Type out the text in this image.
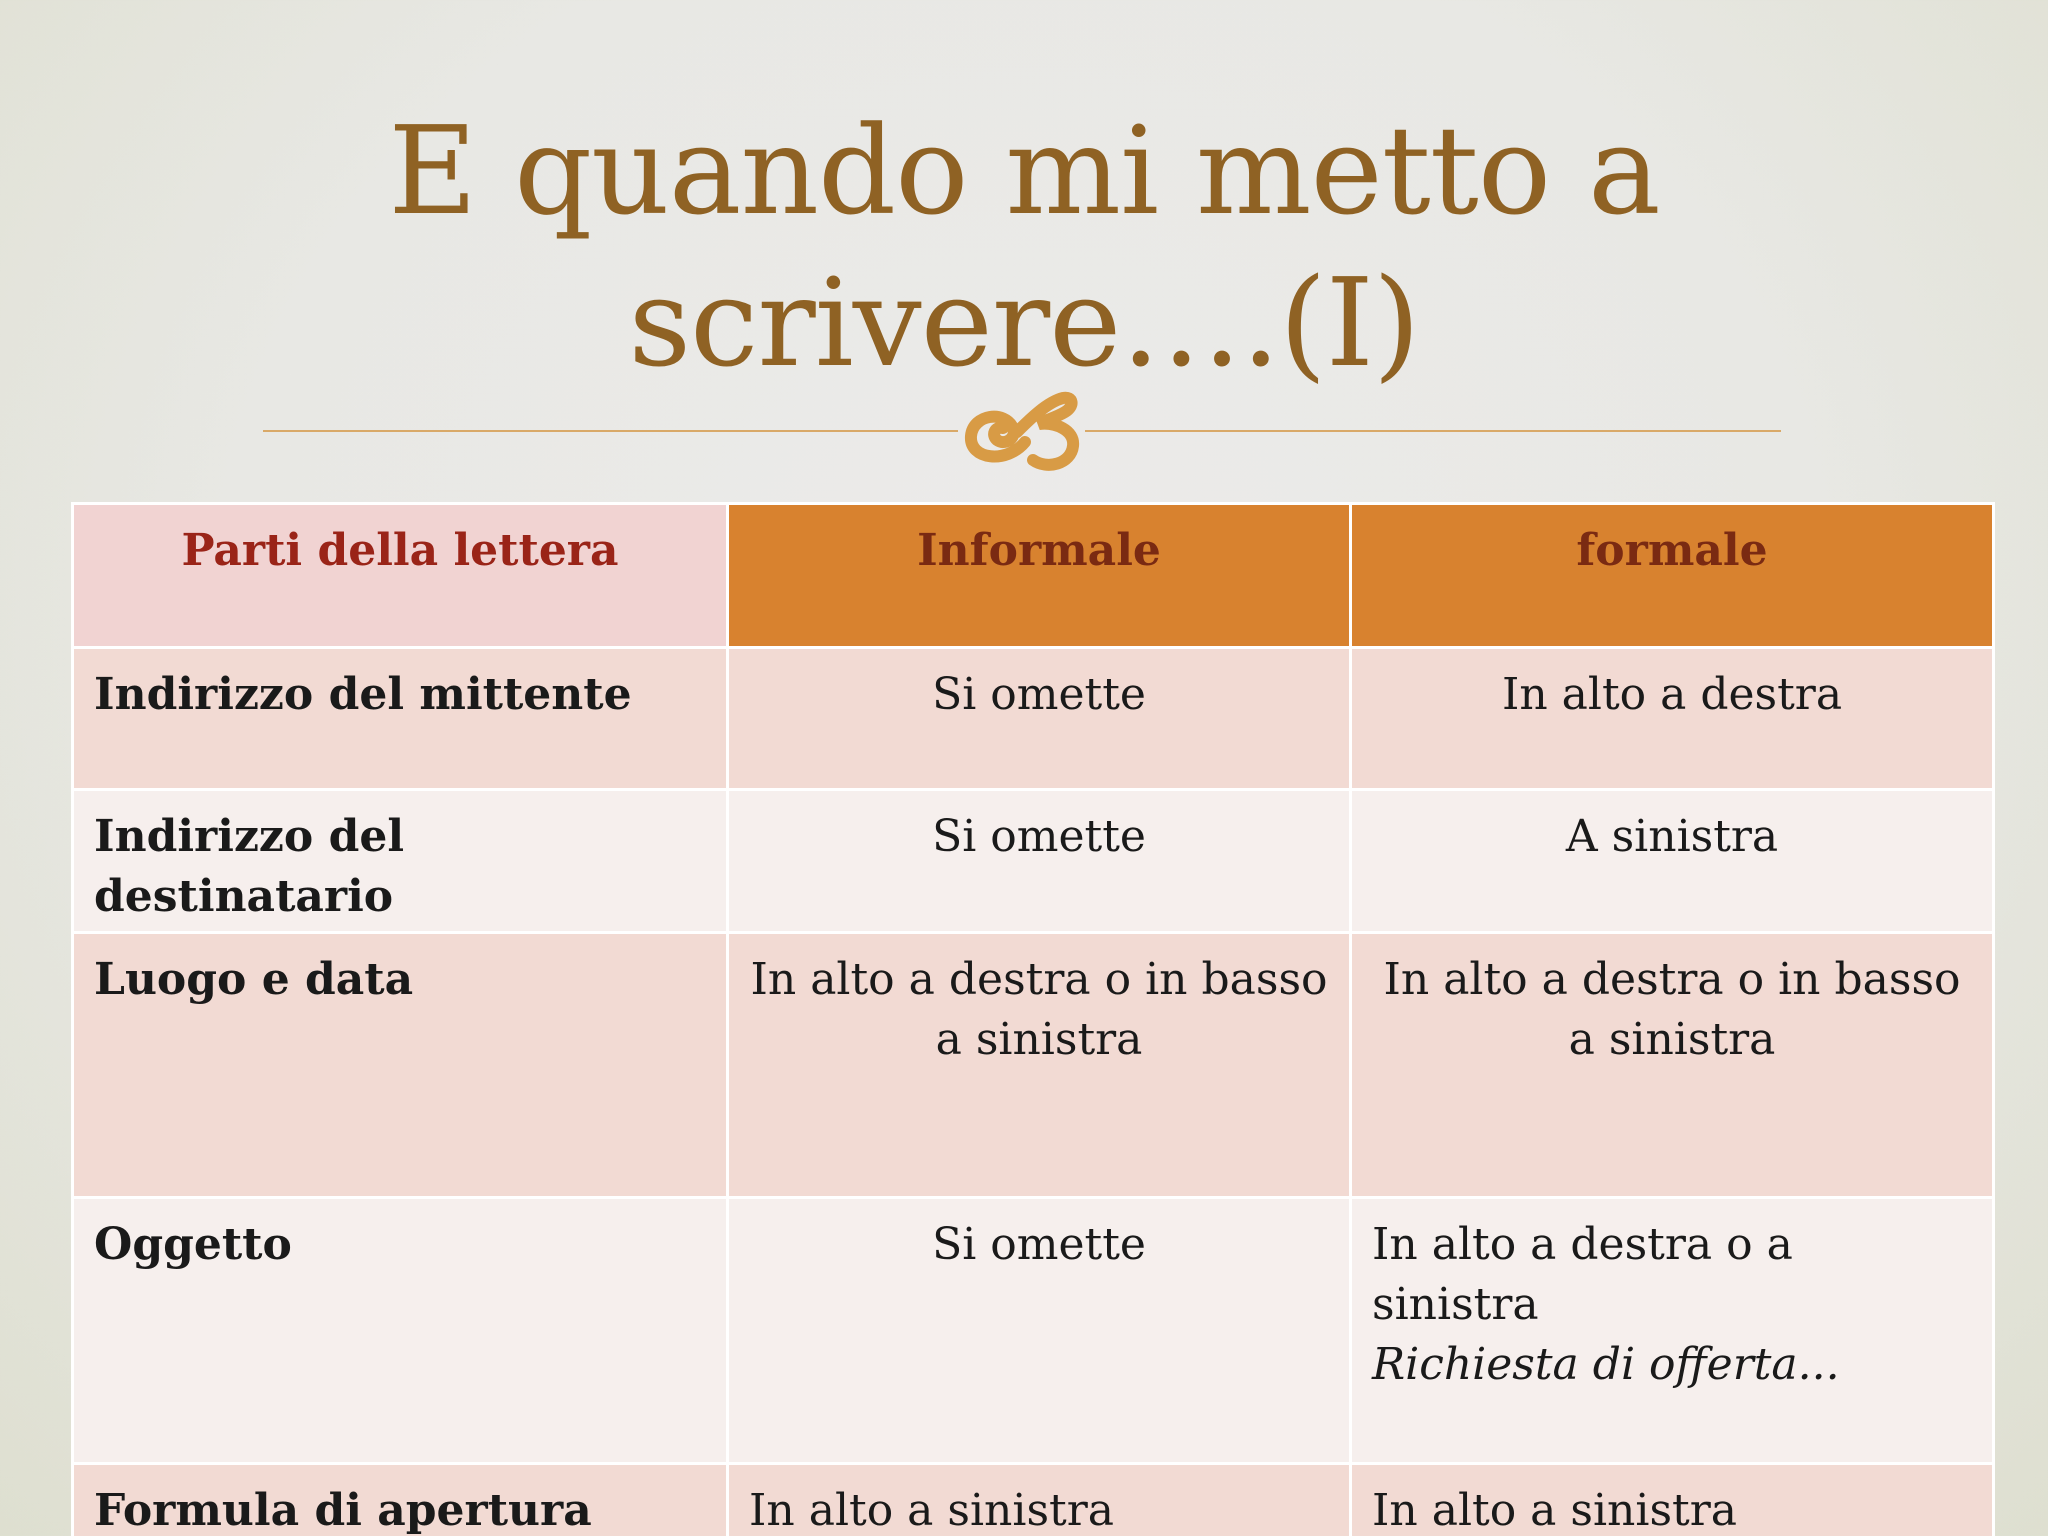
E quando mi metto a
scrivere….(I)
Parti della lettera	Informale	formale
Indirizzo del mittente	Si omette	In alto a destra
Indirizzo del destinatario	Si omette	A sinistra
Luogo e data	In alto a destra o in basso a sinistra	In alto a destra o in basso a sinistra
Oggetto	Si omette	In alto a destra o a sinistra
Richiesta di offerta...

Formula di apertura	In alto a sinistra	In alto a sinistra
